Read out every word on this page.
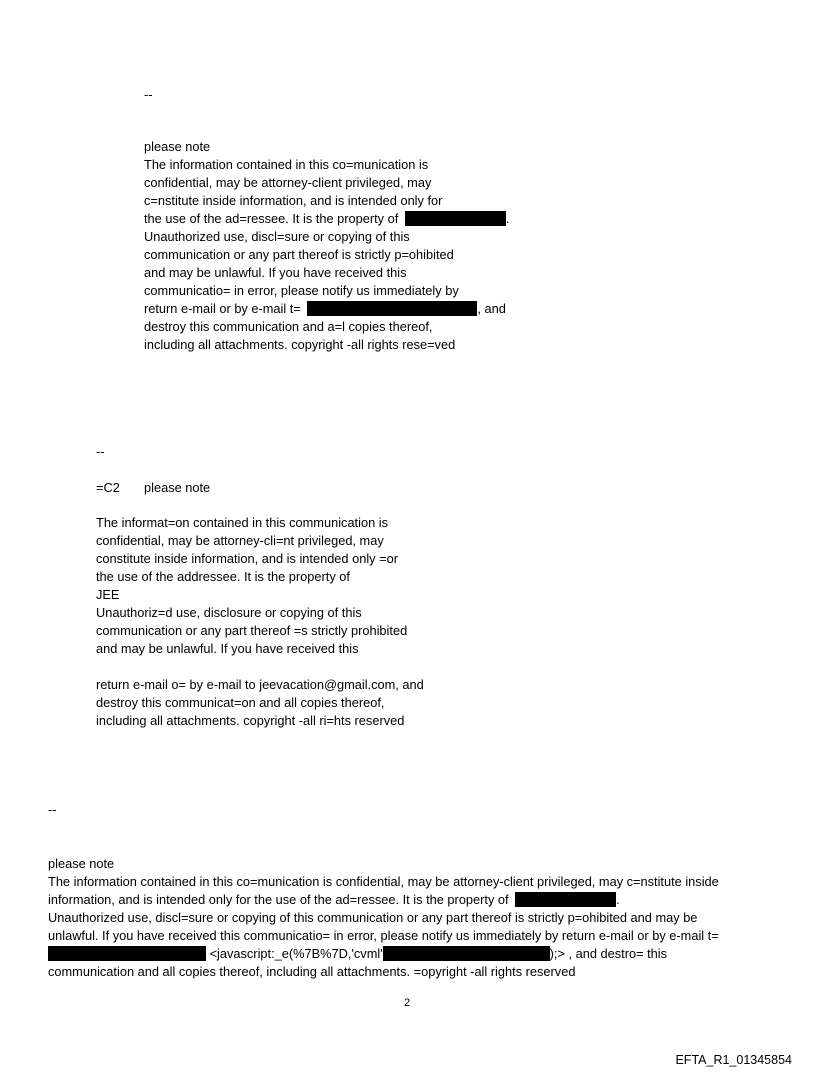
--
please note
The information contained in this co=munication is
confidential, may be attorney-client privileged, may
c=nstitute inside information, and is intended only for
the use of the ad=ressee. It is the property of	.
Unauthorized use, discl=sure or copying of this
communication or any part thereof is strictly p=ohibited
and may be unlawful. If you have received this
communicatio= in error, please notify us immediately by
return e-mail or by e-mail t=	, and
destroy this communication and a=l copies thereof,
including all attachments. copyright -all rights rese=ved
--
=C2 please note
The informat=on contained in this communication is
confidential, may be attorney-cli=nt privileged, may
constitute inside information, and is intended only =or
the use of the addressee. It is the property of
JEE
Unauthoriz=d use, disclosure or copying of this
communication or any part thereof =s strictly prohibited
and may be unlawful. If you have received this
return e-mail o= by e-mail to jeevacation@gmail.com, and
destroy this communicat=on and all copies thereof,
including all attachments. copyright -all ri=hts reserved
--
please note
The information contained in this co=munication is confidential, may be attorney-client privileged, may c=nstitute inside
information, and is intended only for the use of the ad=ressee. It is the property of	.
Unauthorized use, discl=sure or copying of this communication or any part thereof is strictly p=ohibited and may be
unlawful. If you have received this communicatio= in error, please notify us immediately by return e-mail or by e-mail t=
<javascript:_e(%7B%7D,'cvml'	);> , and destro= this
communication and all copies thereof, including all attachments. =opyright -all rights reserved
2
EFTA_R1_01345854
